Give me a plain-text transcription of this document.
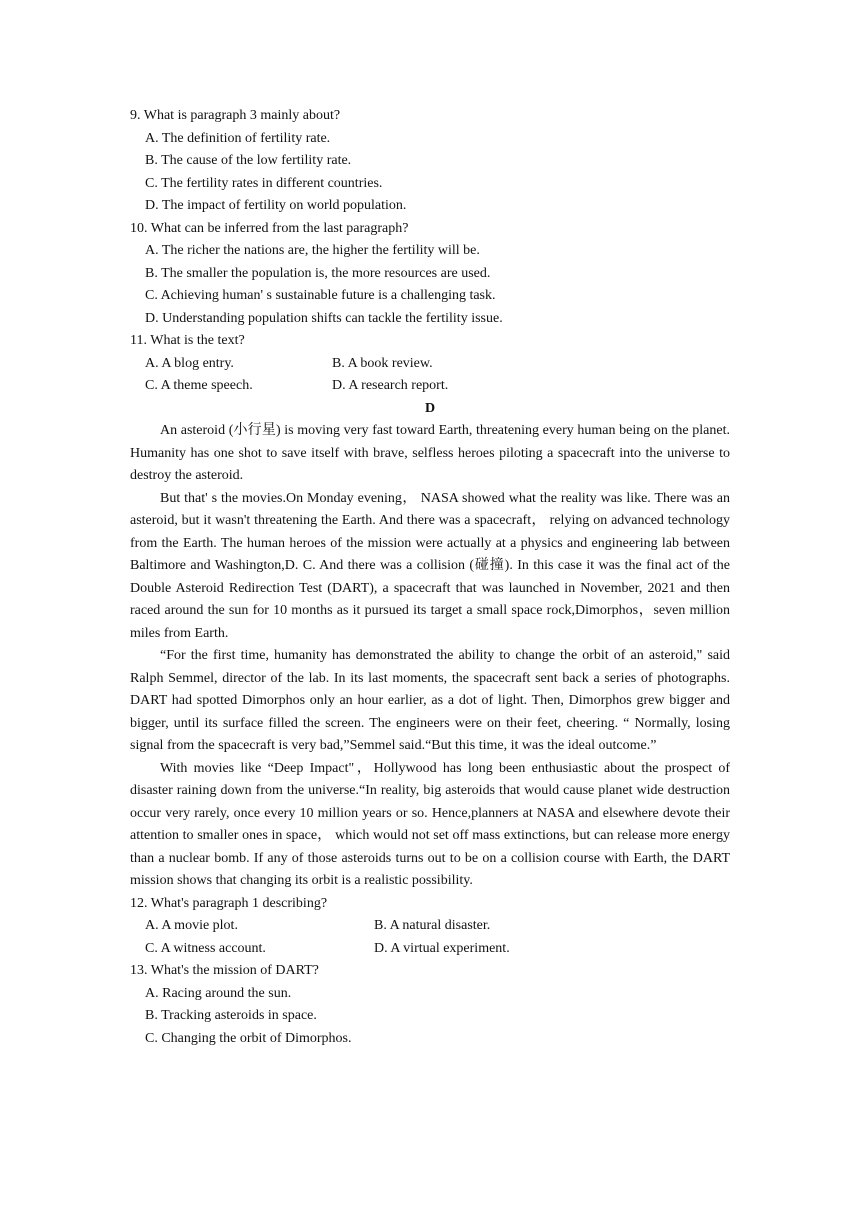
9. What is paragraph 3 mainly about?

A. The definition of fertility rate.

B. The cause of the low fertility rate.

C. The fertility rates in different countries.

D. The impact of fertility on world population.

10. What can be inferred from the last paragraph?

A. The richer the nations are, the higher the fertility will be.

B. The smaller the population is, the more resources are used.

C. Achieving human' s sustainable future is a challenging task.

D. Understanding population shifts can tackle the fertility issue.

11. What is the text?

A. A blog entry.	B. A book review.
C. A theme speech.	D. A research report.

D

An asteroid (小行星) is moving very fast toward Earth, threatening every human being on the planet. Humanity has one shot to save itself with brave, selfless heroes piloting a spacecraft into the universe to destroy the asteroid.

But that' s the movies.On Monday evening， NASA showed what the reality was like. There was an asteroid, but it wasn't threatening the Earth. And there was a spacecraft， relying on advanced technology from the Earth. The human heroes of the mission were actually at a physics and engineering lab between Baltimore and Washington,D. C. And there was a collision (碰撞). In this case it was the final act of the Double Asteroid Redirection Test (DART), a spacecraft that was launched in November, 2021 and then raced around the sun for 10 months as it pursued its target a small space rock,Dimorphos，seven million miles from Earth.

“For the first time, humanity has demonstrated the ability to change the orbit of an asteroid," said Ralph Semmel, director of the lab. In its last moments, the spacecraft sent back a series of photographs. DART had spotted Dimorphos only an hour earlier, as a dot of light. Then, Dimorphos grew bigger and bigger, until its surface filled the screen. The engineers were on their feet, cheering. “ Normally, losing signal from the spacecraft is very bad,”Semmel said.“But this time, it was the ideal outcome.”

With movies like “Deep Impact"，Hollywood has long been enthusiastic about the prospect of disaster raining down from the universe.“In reality, big asteroids that would cause planet wide destruction occur very rarely, once every 10 million years or so. Hence,planners at NASA and elsewhere devote their attention to smaller ones in space， which would not set off mass extinctions, but can release more energy than a nuclear bomb. If any of those asteroids turns out to be on a collision course with Earth, the DART mission shows that changing its orbit is a realistic possibility.

12. What's paragraph 1 describing?

A. A movie plot.	B. A natural disaster.
C. A witness account.	D. A virtual experiment.

13. What's the mission of DART?

A. Racing around the sun.

B. Tracking asteroids in space.

C. Changing the orbit of Dimorphos.
